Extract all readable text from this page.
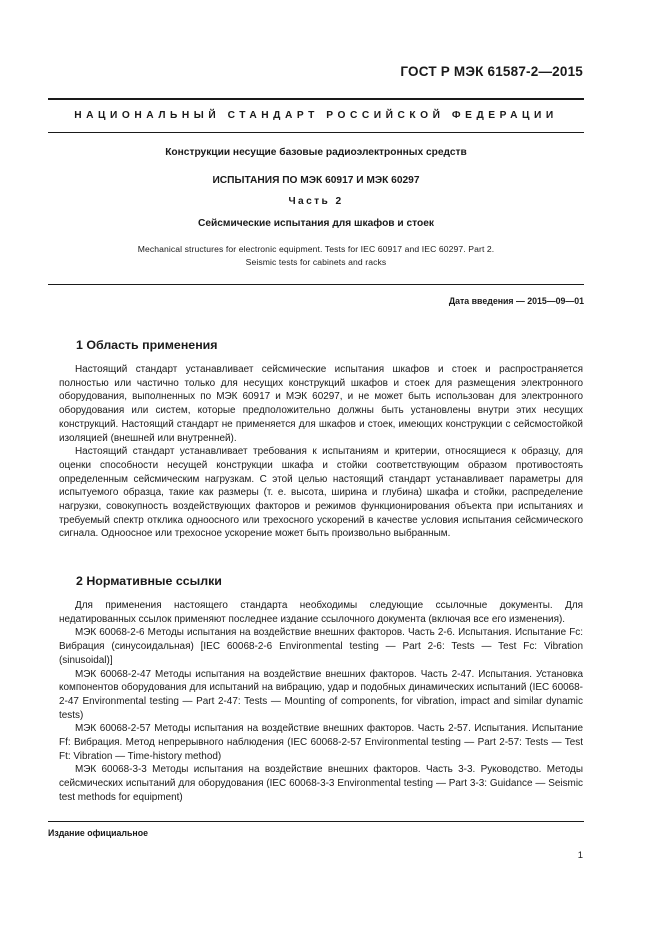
ГОСТ Р МЭК 61587-2—2015
НАЦИОНАЛЬНЫЙ СТАНДАРТ РОССИЙСКОЙ ФЕДЕРАЦИИ
Конструкции несущие базовые радиоэлектронных средств
ИСПЫТАНИЯ ПО МЭК 60917 И МЭК 60297
Часть 2
Сейсмические испытания для шкафов и стоек
Mechanical structures for electronic equipment. Tests for IEC 60917 and IEC 60297. Part 2.
Seismic tests for cabinets and racks
Дата введения — 2015—09—01
1 Область применения

Настоящий стандарт устанавливает сейсмические испытания шкафов и стоек и распространяется полностью или частично только для несущих конструкций шкафов и стоек для размещения электронного оборудования, выполненных по МЭК 60917 и МЭК 60297, и не может быть использован для электронного оборудования или систем, которые предположительно должны быть установлены внутри этих несущих конструкций. Настоящий стандарт не применяется для шкафов и стоек, имеющих конструкции с сейсмостойкой изоляцией (внешней или внутренней).

Настоящий стандарт устанавливает требования к испытаниям и критерии, относящиеся к образцу, для оценки способности несущей конструкции шкафа и стойки соответствующим образом противостоять определенным сейсмическим нагрузкам. С этой целью настоящий стандарт устанавливает параметры для испытуемого образца, такие как размеры (т. е. высота, ширина и глубина) шкафа и стойки, распределение нагрузки, совокупность воздействующих факторов и режимов функционирования объекта при испытаниях и требуемый спектр отклика одноосного или трехосного ускорений в качестве условия испытания сейсмического сигнала. Одноосное или трехосное ускорение может быть произвольно выбранным.

2 Нормативные ссылки

Для применения настоящего стандарта необходимы следующие ссылочные документы. Для недатированных ссылок применяют последнее издание ссылочного документа (включая все его изменения).

МЭК 60068-2-6 Методы испытания на воздействие внешних факторов. Часть 2-6. Испытания. Испытание Fc: Вибрация (синусоидальная) [IEC 60068-2-6 Environmental testing — Part 2-6: Tests — Test Fc: Vibration (sinusoidal)]

МЭК 60068-2-47 Методы испытания на воздействие внешних факторов. Часть 2-47. Испытания. Установка компонентов оборудования для испытаний на вибрацию, удар и подобных динамических испытаний (IEC 60068-2-47 Environmental testing — Part 2-47: Tests — Mounting of components, for vibration, impact and similar dynamic tests)

МЭК 60068-2-57 Методы испытания на воздействие внешних факторов. Часть 2-57. Испытания. Испытание Ff: Вибрация. Метод непрерывного наблюдения (IEC 60068-2-57 Environmental testing — Part 2-57: Tests — Test Ft: Vibration — Time-history method)

МЭК 60068-3-3 Методы испытания на воздействие внешних факторов. Часть 3-3. Руководство. Методы сейсмических испытаний для оборудования (IEC 60068-3-3 Environmental testing — Part 3-3: Guidance — Seismic test methods for equipment)

Издание официальное
1
